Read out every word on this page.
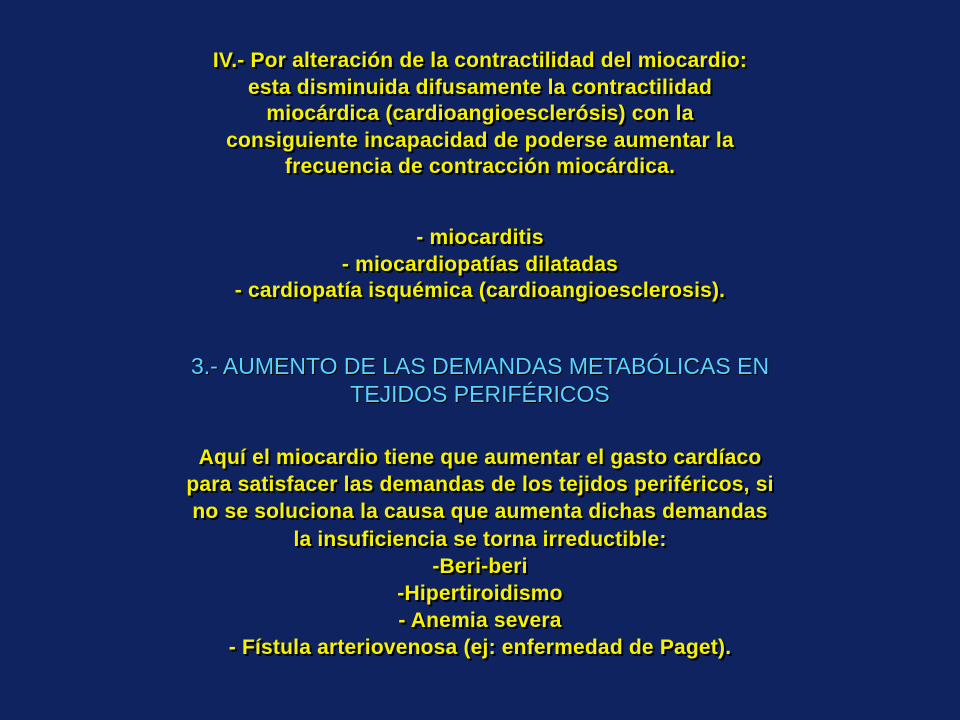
IV.- Por alteración de la contractilidad del miocardio:
esta disminuida difusamente la contractilidad
miocárdica (cardioangioesclerósis) con la
consiguiente incapacidad de poderse aumentar la
frecuencia de contracción miocárdica.
- miocarditis
- miocardiopatías dilatadas
- cardiopatía isquémica (cardioangioesclerosis).
3.- AUMENTO DE LAS DEMANDAS METABÓLICAS EN
TEJIDOS PERIFÉRICOS
Aquí el miocardio tiene que aumentar el gasto cardíaco
para satisfacer las demandas de los tejidos periféricos, si
no se soluciona la causa que aumenta dichas demandas
la insuficiencia se torna irreductible:
-Beri-beri
-Hipertiroidismo
- Anemia severa
- Fístula arteriovenosa (ej: enfermedad de Paget).
